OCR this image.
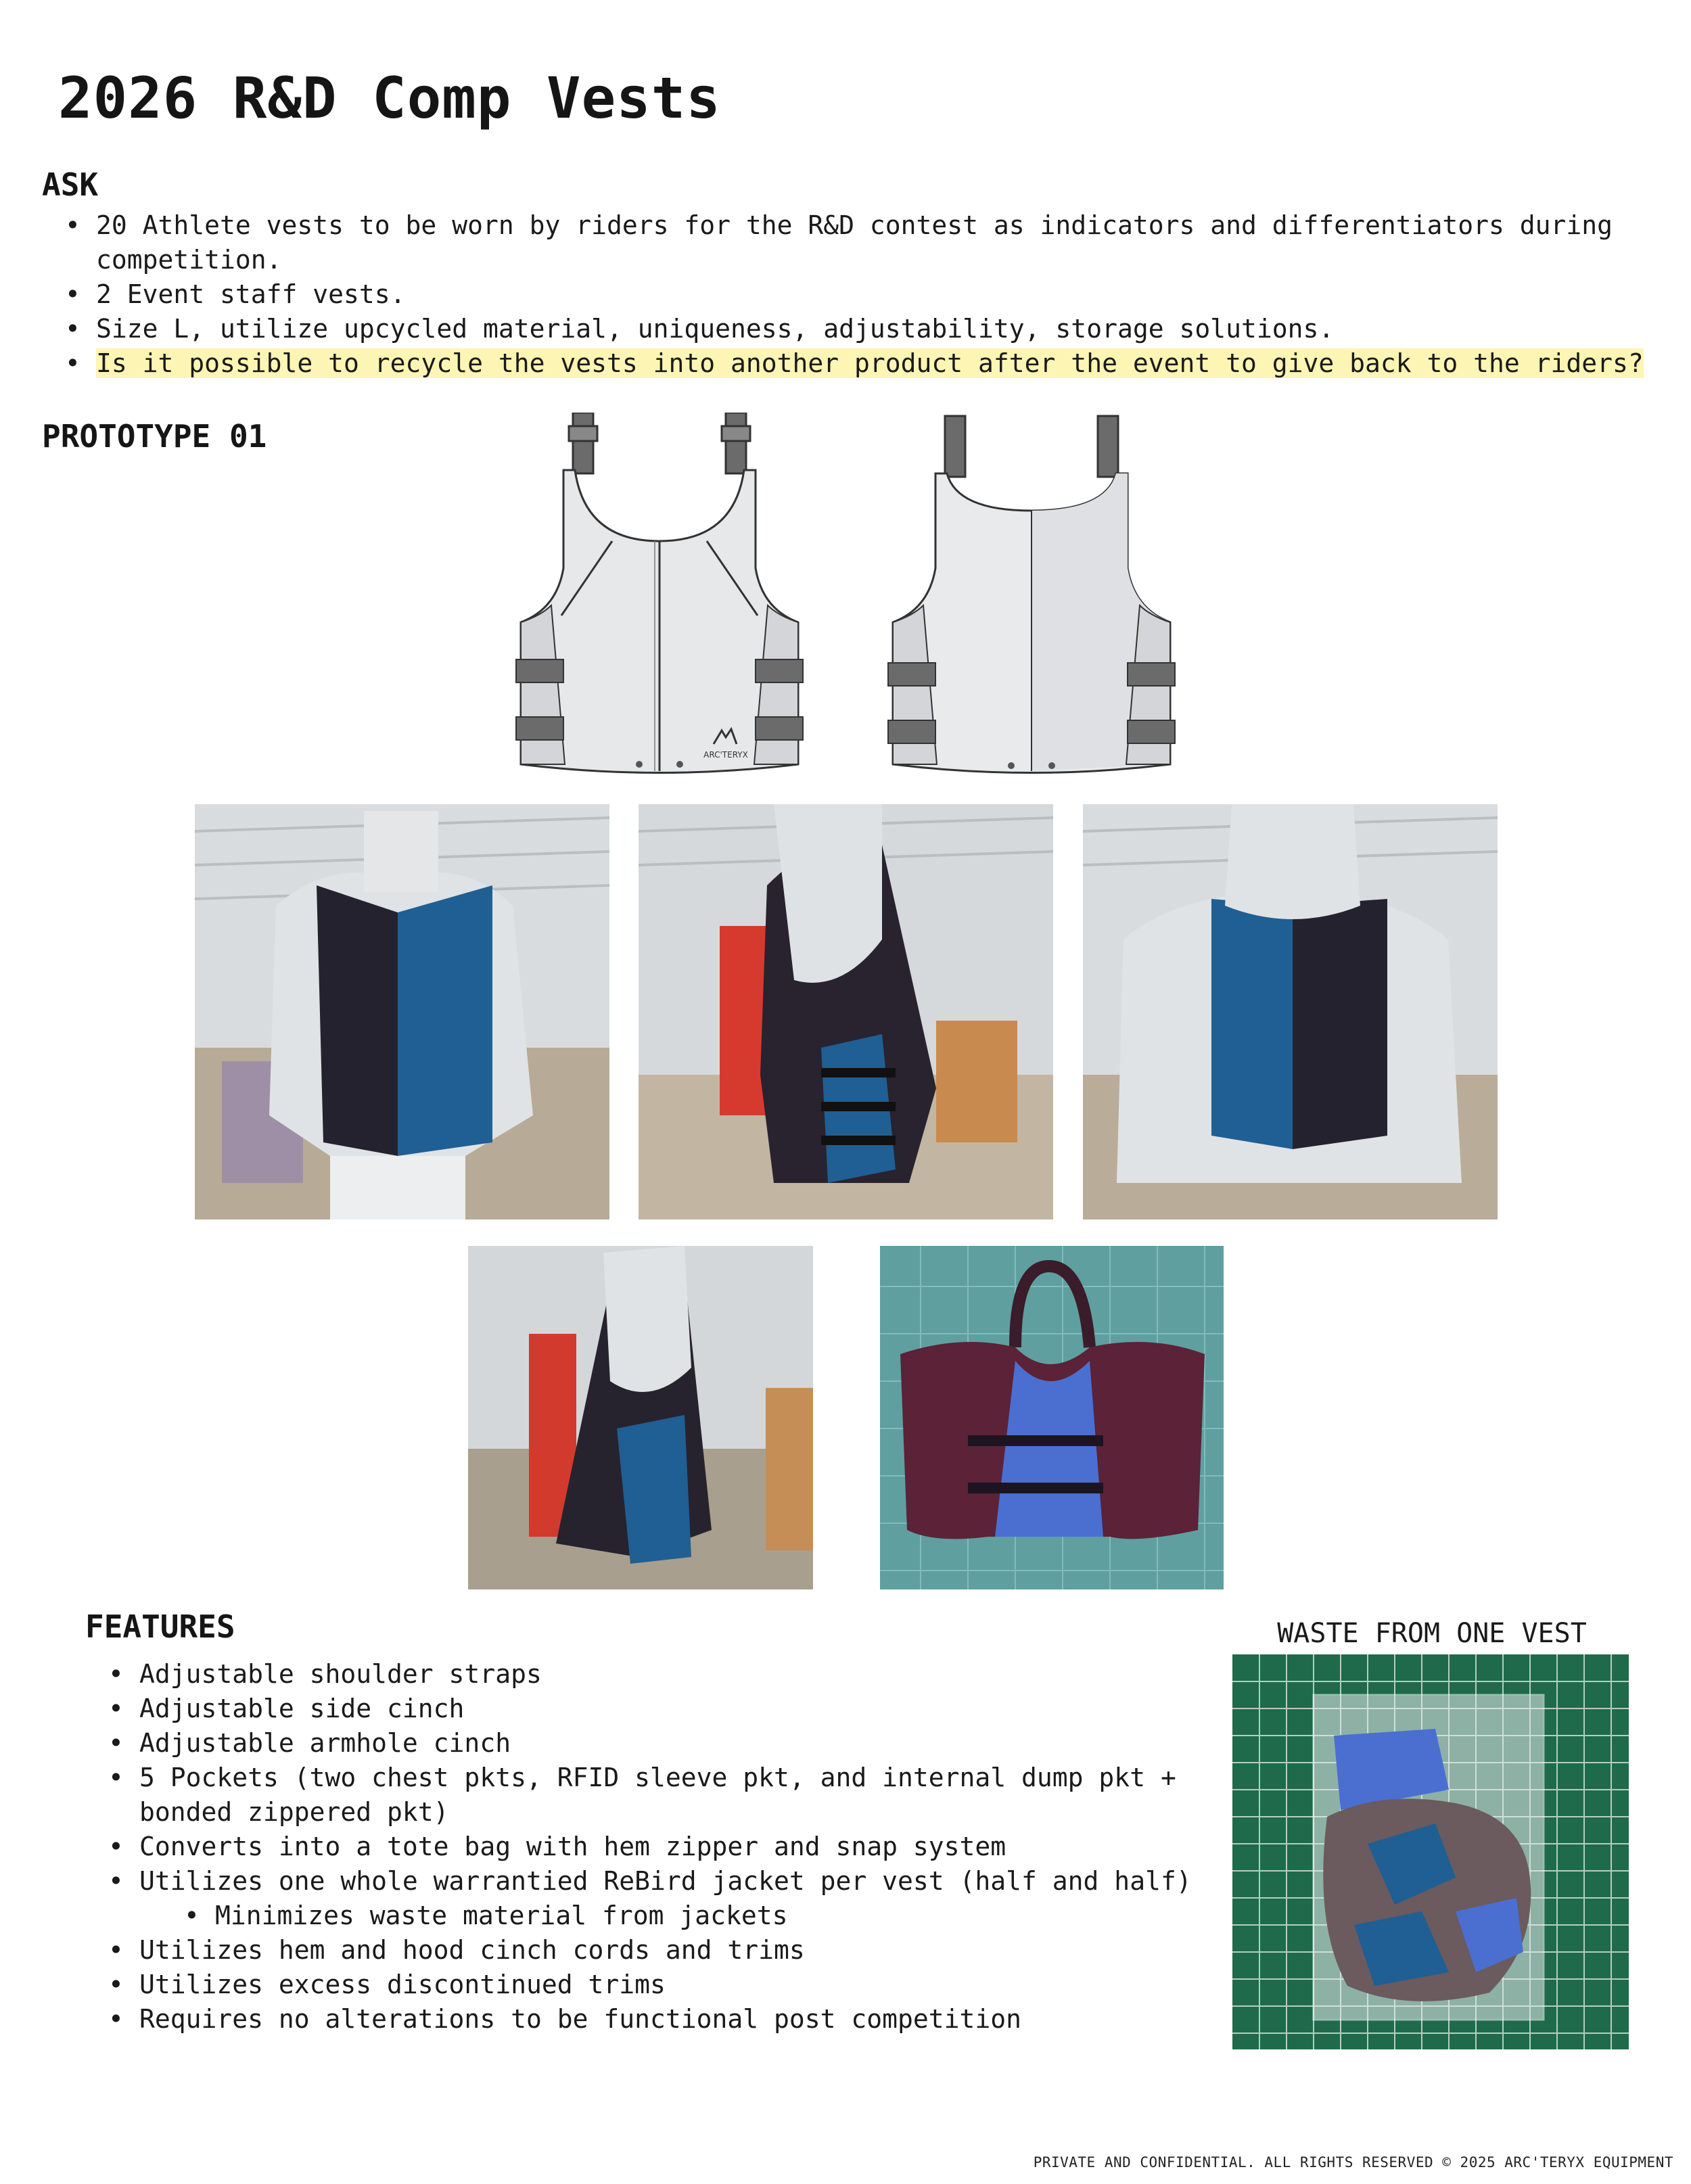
2026 R&D Comp Vests
ASK
• 20 Athlete vests to be worn by riders for the R&D contest as indicators and differentiators during
competition.
• 2 Event staff vests.
• Size L, utilize upcycled material, uniqueness, adjustability, storage solutions.
• Is it possible to recycle the vests into another product after the event to give back to the riders?
PROTOTYPE 01
ARC'TERYX
FEATURES
• Adjustable shoulder straps
• Adjustable side cinch
• Adjustable armhole cinch
• 5 Pockets (two chest pkts, RFID sleeve pkt, and internal dump pkt +
bonded zippered pkt)
• Converts into a tote bag with hem zipper and snap system
• Utilizes one whole warrantied ReBird jacket per vest (half and half)
• Minimizes waste material from jackets
• Utilizes hem and hood cinch cords and trims
• Utilizes excess discontinued trims
• Requires no alterations to be functional post competition
WASTE FROM ONE VEST
PRIVATE AND CONFIDENTIAL. ALL RIGHTS RESERVED © 2025 ARC'TERYX EQUIPMENT
